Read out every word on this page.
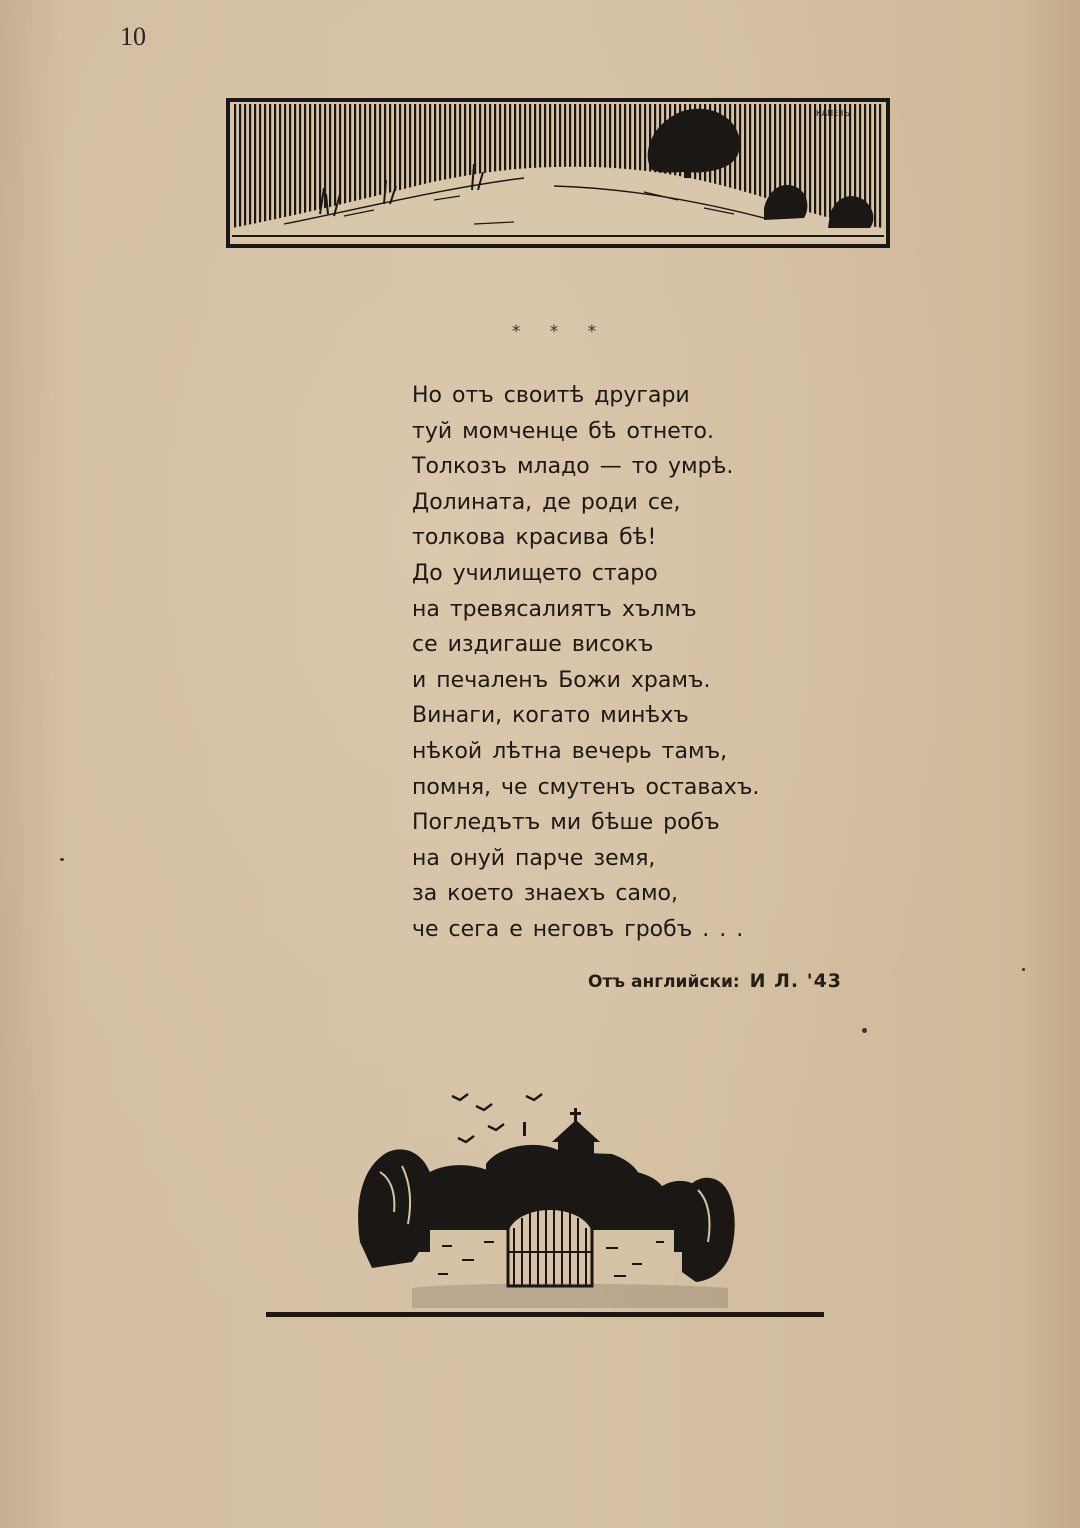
10
КАПЕЗЪ
* * *
Но отъ своитѣ другари
туй момченце бѣ отнето.
Толкозъ младо — то умрѣ.
Долината, де роди се,
толкова красива бѣ!
До училището старо
на тревясалиятъ хълмъ
се издигаше високъ
и печаленъ Божи храмъ.
Винаги, когато минѣхъ
нѣкой лѣтна вечерь тамъ,
помня, че смутенъ оставахъ.
Погледътъ ми бѣше робъ
на онуй парче земя,
за което знаехъ само,
че сега е неговъ гробъ . . .
Отъ английски: И Л. '43
